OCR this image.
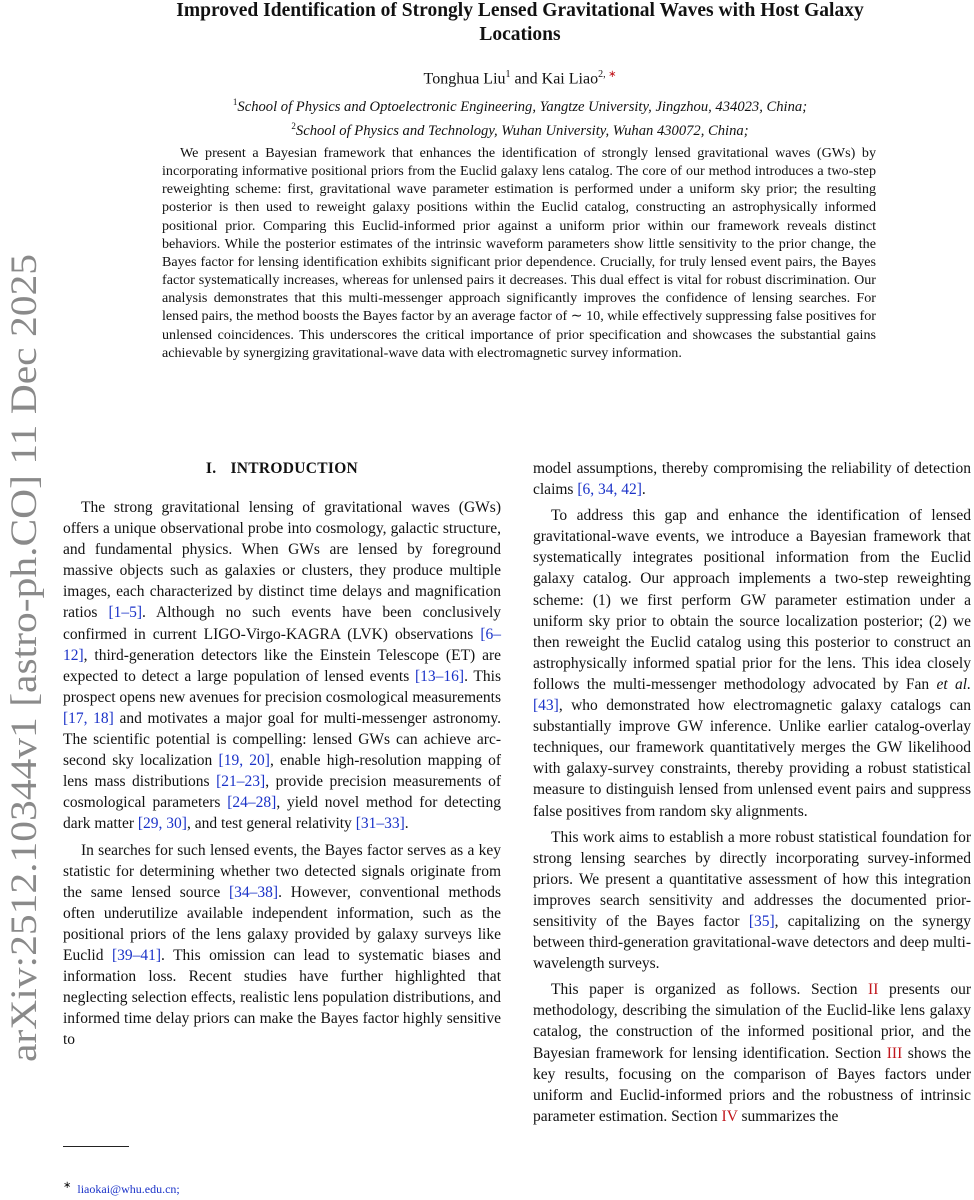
arXiv:2512.10344v1 [astro-ph.CO] 11 Dec 2025
Improved Identification of Strongly Lensed Gravitational Waves with Host Galaxy
Locations
Tonghua Liu$^1$ and Kai Liao$^{2, ∗}$
$^1$School of Physics and Optoelectronic Engineering, Yangtze University, Jingzhou, 434023, China;
$^2$School of Physics and Technology, Wuhan University, Wuhan 430072, China;
We present a Bayesian framework that enhances the identification of strongly lensed gravitational waves (GWs) by incorporating informative positional priors from the Euclid galaxy lens catalog. The core of our method introduces a two-step reweighting scheme: first, gravitational wave parameter estimation is performed under a uniform sky prior; the resulting posterior is then used to reweight galaxy positions within the Euclid catalog, constructing an astrophysically informed positional prior. Comparing this Euclid-informed prior against a uniform prior within our framework reveals distinct behaviors. While the posterior estimates of the intrinsic waveform parameters show little sensitivity to the prior change, the Bayes factor for lensing identification exhibits significant prior dependence. Crucially, for truly lensed event pairs, the Bayes factor systematically increases, whereas for unlensed pairs it decreases. This dual effect is vital for robust discrimination. Our analysis demonstrates that this multi-messenger approach significantly improves the confidence of lensing searches. For lensed pairs, the method boosts the Bayes factor by an average factor of ∼ 10, while effectively suppressing false positives for unlensed coincidences. This underscores the critical importance of prior specification and showcases the substantial gains achievable by synergizing gravitational-wave data with electromagnetic survey information.
I. INTRODUCTION

The strong gravitational lensing of gravitational waves (GWs) offers a unique observational probe into cosmology, galactic structure, and fundamental physics. When GWs are lensed by foreground massive objects such as galaxies or clusters, they produce multiple images, each characterized by distinct time delays and magnification ratios [1–5]. Although no such events have been conclusively confirmed in current LIGO-Virgo-KAGRA (LVK) observations [6–12], third-generation detectors like the Einstein Telescope (ET) are expected to detect a large population of lensed events [13–16]. This prospect opens new avenues for precision cosmological measurements [17, 18] and motivates a major goal for multi-messenger astronomy. The scientific potential is compelling: lensed GWs can achieve arc-second sky localization [19, 20], enable high-resolution mapping of lens mass distributions [21–23], provide precision measurements of cosmological parameters [24–28], yield novel method for detecting dark matter [29, 30], and test general relativity [31–33].

In searches for such lensed events, the Bayes factor serves as a key statistic for determining whether two detected signals originate from the same lensed source [34–38]. However, conventional methods often underutilize available independent information, such as the positional priors of the lens galaxy provided by galaxy surveys like Euclid [39–41]. This omission can lead to systematic biases and information loss. Recent studies have further highlighted that neglecting selection effects, realistic lens population distributions, and informed time delay priors can make the Bayes factor highly sensitive to

∗ liaokai@whu.edu.cn;

model assumptions, thereby compromising the reliability of detection claims [6, 34, 42].

To address this gap and enhance the identification of lensed gravitational-wave events, we introduce a Bayesian framework that systematically integrates positional information from the Euclid galaxy catalog. Our approach implements a two-step reweighting scheme: (1) we first perform GW parameter estimation under a uniform sky prior to obtain the source localization posterior; (2) we then reweight the Euclid catalog using this posterior to construct an astrophysically informed spatial prior for the lens. This idea closely follows the multi-messenger methodology advocated by Fan et al. [43], who demonstrated how electromagnetic galaxy catalogs can substantially improve GW inference. Unlike earlier catalog-overlay techniques, our framework quantitatively merges the GW likelihood with galaxy-survey constraints, thereby providing a robust statistical measure to distinguish lensed from unlensed event pairs and suppress false positives from random sky alignments.

This work aims to establish a more robust statistical foundation for strong lensing searches by directly incorporating survey-informed priors. We present a quantitative assessment of how this integration improves search sensitivity and addresses the documented prior-sensitivity of the Bayes factor [35], capitalizing on the synergy between third-generation gravitational-wave detectors and deep multi-wavelength surveys.

This paper is organized as follows. Section II presents our methodology, describing the simulation of the Euclid-like lens galaxy catalog, the construction of the informed positional prior, and the Bayesian framework for lensing identification. Section III shows the key results, focusing on the comparison of Bayes factors under uniform and Euclid-informed priors and the robustness of intrinsic parameter estimation. Section IV summarizes the
